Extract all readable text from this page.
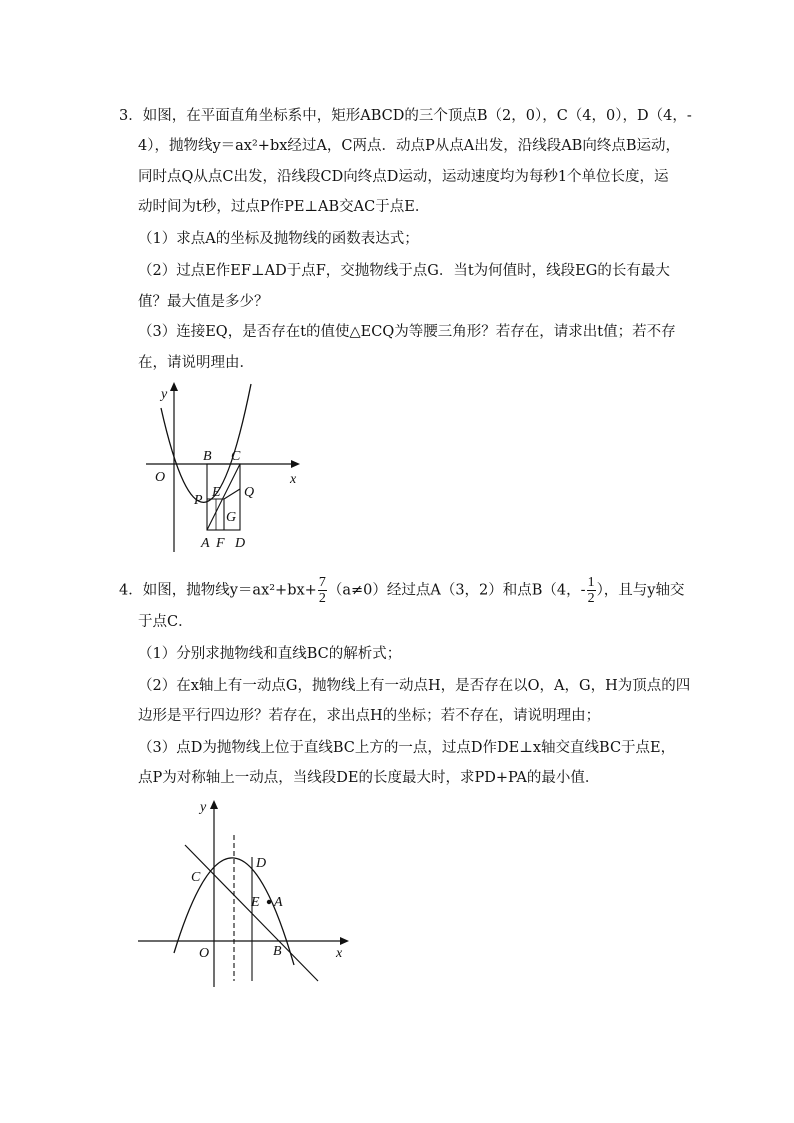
3．如图，在平面直角坐标系中，矩形ABCD的三个顶点B（2，0），C（4，0），D（4，-
4），抛物线y＝ax²+bx经过A，C两点．动点P从点A出发，沿线段AB向终点B运动，
同时点Q从点C出发，沿线段CD向终点D运动，运动速度均为每秒1个单位长度，运
动时间为t秒，过点P作PE⊥AB交AC于点E．
（1）求点A的坐标及抛物线的函数表达式；
（2）过点E作EF⊥AD于点F，交抛物线于点G．当t为何值时，线段EG的长有最大
值？最大值是多少？
（3）连接EQ，是否存在t的值使△ECQ为等腰三角形？若存在，请求出t值；若不存
在，请说明理由．
y
x
O
B C
P
E Q
G
A F D
4．如图，抛物线$y=ax^2+bx+ \frac{7}{2} (a\ne 0)$经过点A（3，2）和点B（4，- $\frac{1}{2}$ ），且与y轴交
于点C．
（1）分别求抛物线和直线BC的解析式；
（2）在x轴上有一动点G，抛物线上有一动点H，是否存在以O，A，G，H为顶点的四
边形是平行四边形？若存在，求出点H的坐标；若不存在，请说明理由；
（3）点D为抛物线上位于直线BC上方的一点，过点D作DE⊥x轴交直线BC于点E，
点P为对称轴上一动点，当线段DE的长度最大时，求PD+PA的最小值．
y
x
O
C
D
E A
B
